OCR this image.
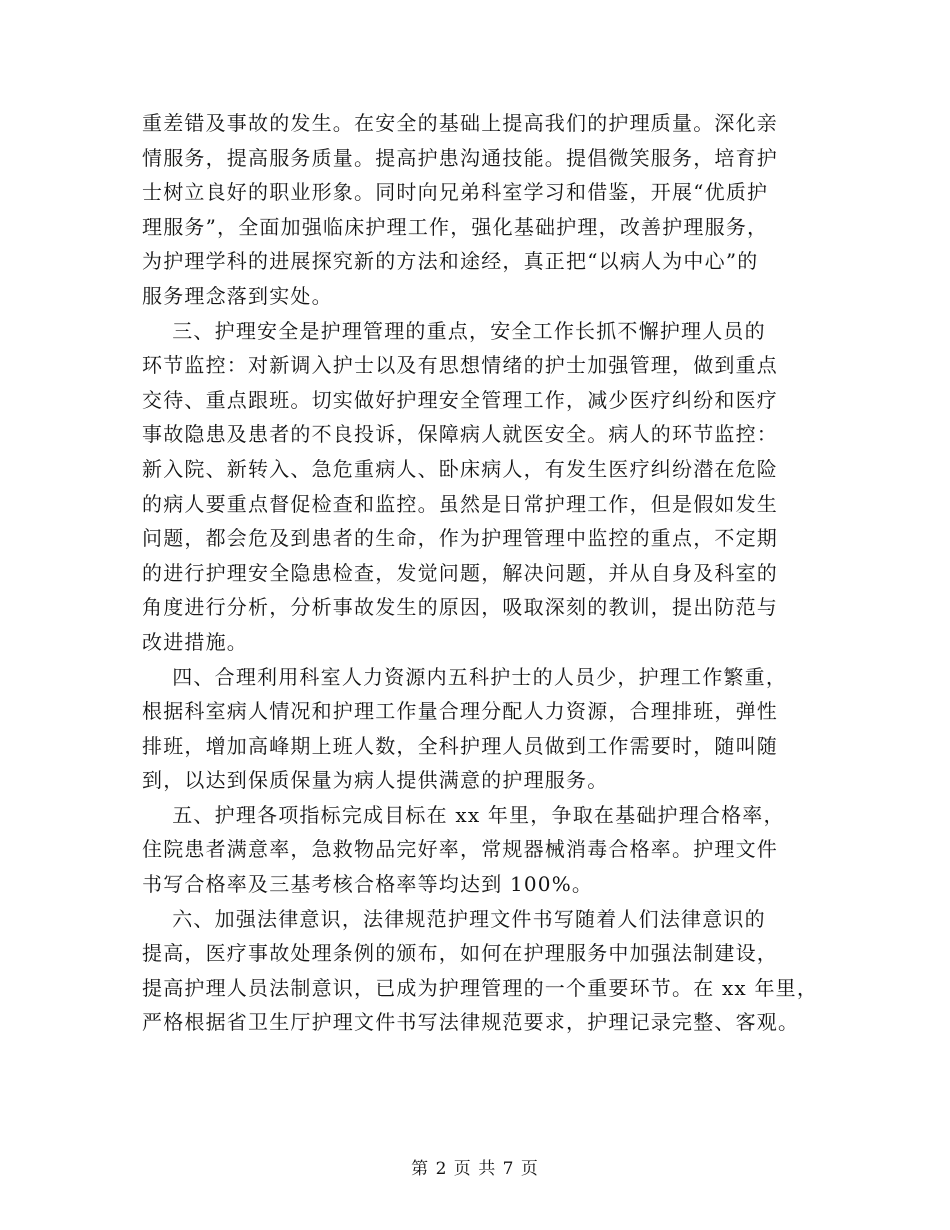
重差错及事故的发生。在安全的基础上提高我们的护理质量。深化亲
情服务，提高服务质量。提高护患沟通技能。提倡微笑服务，培育护
士树立良好的职业形象。同时向兄弟科室学习和借鉴，开展“优质护
理服务”，全面加强临床护理工作，强化基础护理，改善护理服务，
为护理学科的进展探究新的方法和途经，真正把“以病人为中心”的
服务理念落到实处。
三、护理安全是护理管理的重点，安全工作长抓不懈护理人员的
环节监控：对新调入护士以及有思想情绪的护士加强管理，做到重点
交待、重点跟班。切实做好护理安全管理工作，减少医疗纠纷和医疗
事故隐患及患者的不良投诉，保障病人就医安全。病人的环节监控：
新入院、新转入、急危重病人、卧床病人，有发生医疗纠纷潜在危险
的病人要重点督促检查和监控。虽然是日常护理工作，但是假如发生
问题，都会危及到患者的生命，作为护理管理中监控的重点，不定期
的进行护理安全隐患检查，发觉问题，解决问题，并从自身及科室的
角度进行分析，分析事故发生的原因，吸取深刻的教训，提出防范与
改进措施。
四、合理利用科室人力资源内五科护士的人员少，护理工作繁重，
根据科室病人情况和护理工作量合理分配人力资源，合理排班，弹性
排班，增加高峰期上班人数，全科护理人员做到工作需要时，随叫随
到，以达到保质保量为病人提供满意的护理服务。
五、护理各项指标完成目标在 xx 年里，争取在基础护理合格率，
住院患者满意率，急救物品完好率，常规器械消毒合格率。护理文件
书写合格率及三基考核合格率等均达到 100%。
六、加强法律意识，法律规范护理文件书写随着人们法律意识的
提高，医疗事故处理条例的颁布，如何在护理服务中加强法制建设，
提高护理人员法制意识，已成为护理管理的一个重要环节。在 xx 年里，
严格根据省卫生厅护理文件书写法律规范要求，护理记录完整、客观。
第 2 页 共 7 页
